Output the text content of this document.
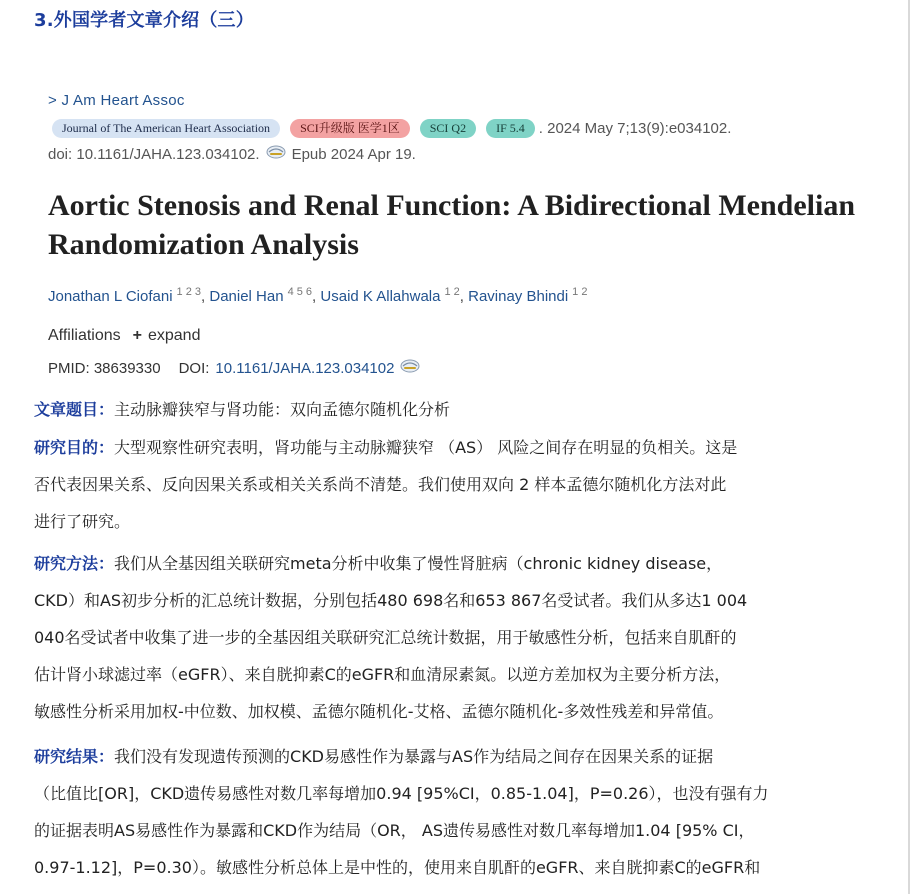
3.外国学者文章介绍（三）
> J Am Heart Assoc
Journal of The American Heart Association	SCI升级版 医学1区	SCI Q2	IF 5.4 . 2024 May 7;13(9):e034102.
doi: 10.1161/JAHA.123.034102. Epub 2024 Apr 19.
Aortic Stenosis and Renal Function: A Bidirectional Mendelian Randomization Analysis
Jonathan L Ciofani $^{1 2 3}$, Daniel Han $^{4 5 6}$, Usaid K Allahwala $^{1 2}$, Ravinay Bhindi $^{1 2}$
Affiliations + expand
PMID: 38639330 DOI: 10.1161/JAHA.123.034102
文章题目：主动脉瓣狭窄与肾功能：双向孟德尔随机化分析
研究目的：大型观察性研究表明，肾功能与主动脉瓣狭窄 （AS） 风险之间存在明显的负相关。这是
否代表因果关系、反向因果关系或相关关系尚不清楚。我们使用双向 2 样本孟德尔随机化方法对此
进行了研究。
研究方法：我们从全基因组关联研究meta分析中收集了慢性肾脏病（chronic kidney disease，
CKD）和AS初步分析的汇总统计数据，分别包括480 698名和653 867名受试者。我们从多达1 004
040名受试者中收集了进一步的全基因组关联研究汇总统计数据，用于敏感性分析，包括来自肌酐的
估计肾小球滤过率（eGFR）、来自胱抑素C的eGFR和血清尿素氮。以逆方差加权为主要分析方法，
敏感性分析采用加权-中位数、加权模、孟德尔随机化-艾格、孟德尔随机化-多效性残差和异常值。
研究结果：我们没有发现遗传预测的CKD易感性作为暴露与AS作为结局之间存在因果关系的证据
（比值比[OR]，CKD遗传易感性对数几率每增加0.94 [95%CI，0.85-1.04]，P=0.26），也没有强有力
的证据表明AS易感性作为暴露和CKD作为结局（OR， AS遗传易感性对数几率每增加1.04 [95% CI，
0.97-1.12]，P=0.30）。敏感性分析总体上是中性的，使用来自肌酐的eGFR、来自胱抑素C的eGFR和
